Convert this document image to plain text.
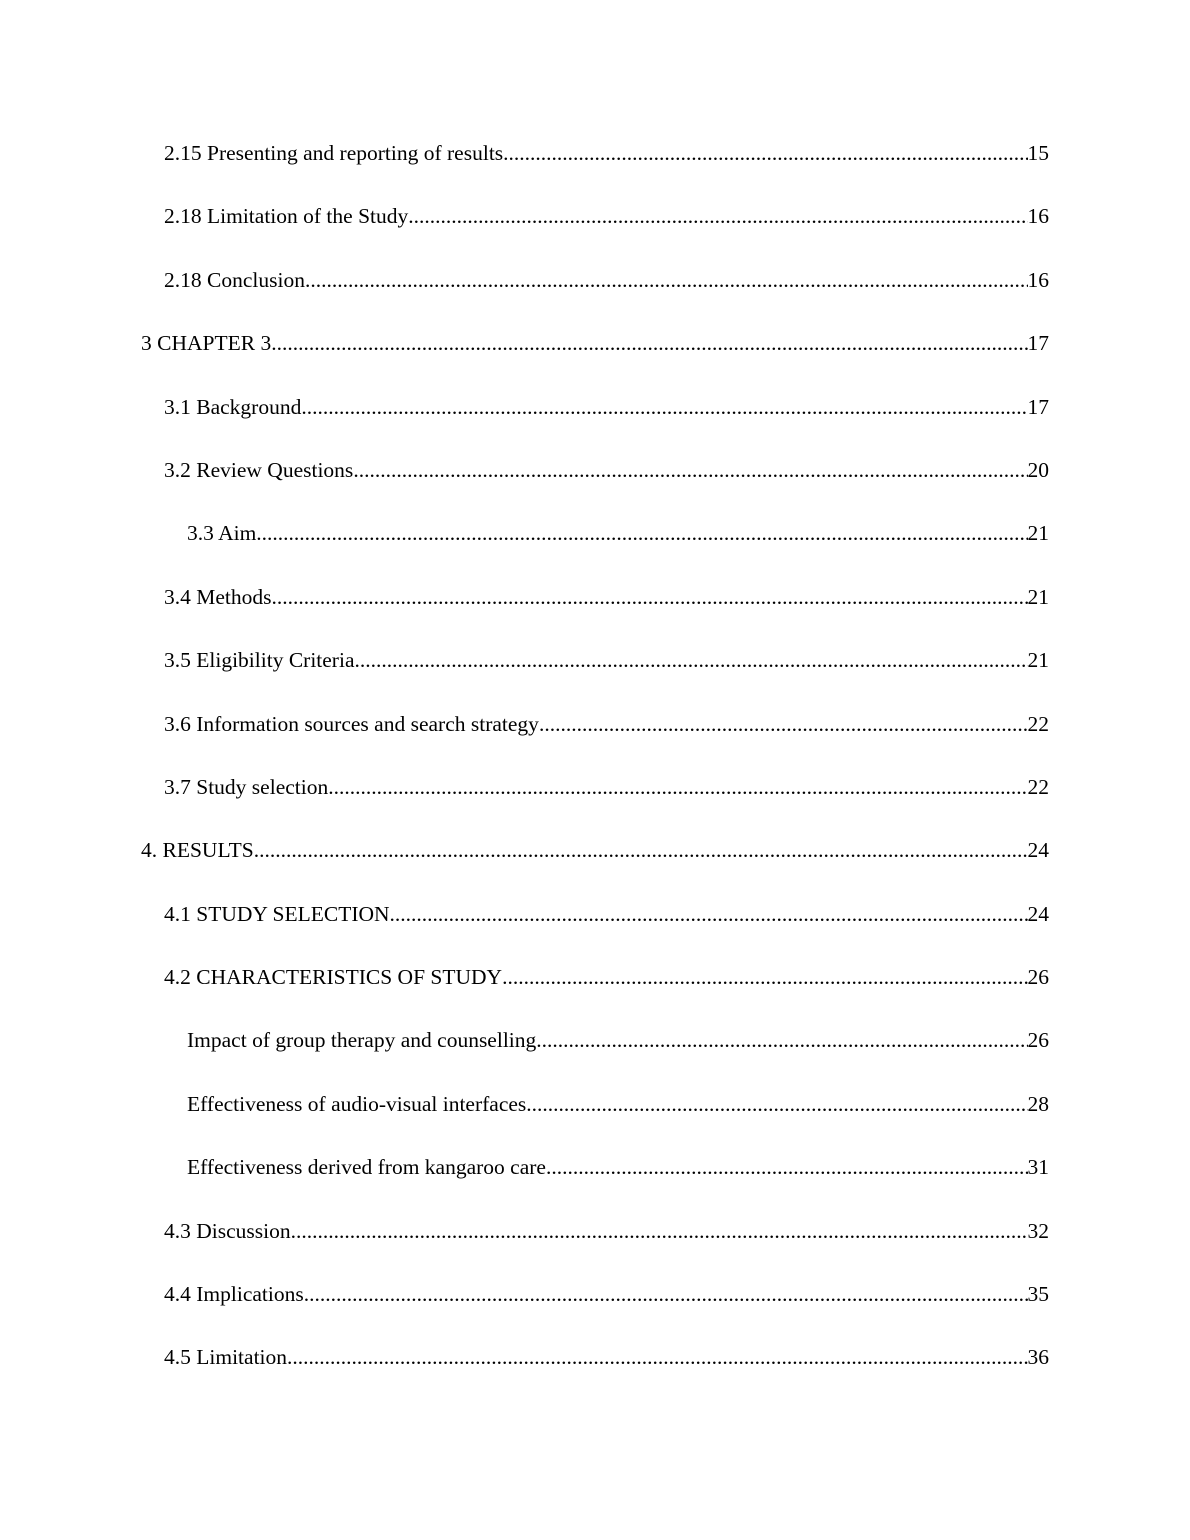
2.15 Presenting and reporting of results .....	15
2.18 Limitation of the Study .....	16
2.18 Conclusion .....	16
3 CHAPTER 3 .....	17
3.1 Background .....	17
3.2 Review Questions .....	20
3.3 Aim .....	21
3.4 Methods .....	21
3.5 Eligibility Criteria .....	21
3.6 Information sources and search strategy .....	22
3.7 Study selection .....	22
4. RESULTS .....	24
4.1 STUDY SELECTION .....	24
4.2 CHARACTERISTICS OF STUDY .....	26
Impact of group therapy and counselling .....	26
Effectiveness of audio-visual interfaces .....	28
Effectiveness derived from kangaroo care .....	31
4.3 Discussion .....	32
4.4 Implications .....	35
4.5 Limitation .....	36
